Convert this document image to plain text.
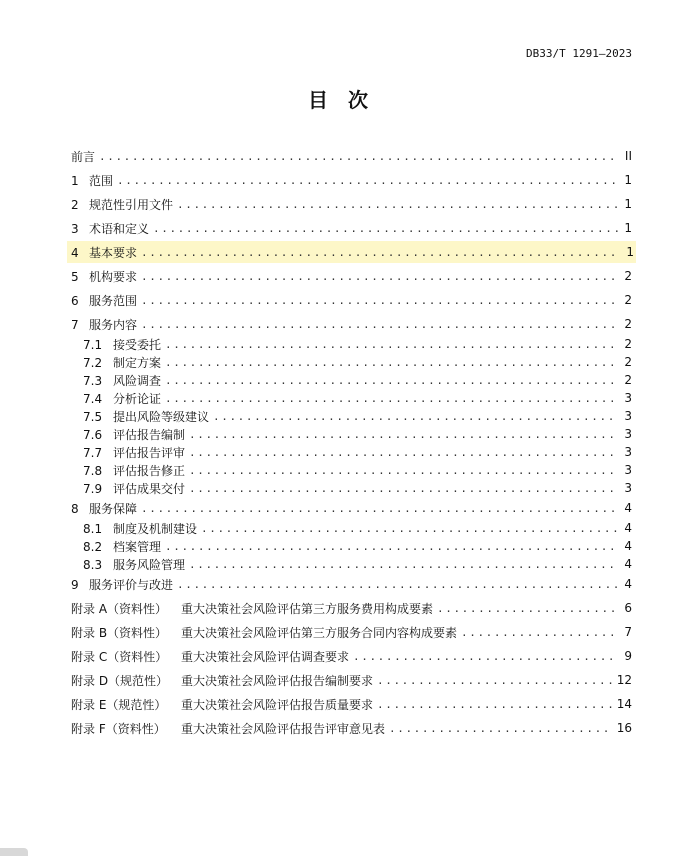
DB33/T 1291—2023
目　次
前言 .....	II
1 范围 .....	1
2 规范性引用文件 .....	1
3 术语和定义 .....	1
4 基本要求 .....	1
5 机构要求 .....	2
6 服务范围 .....	2
7 服务内容 .....	2
7.1 接受委托 .....	2
7.2 制定方案 .....	2
7.3 风险调查 .....	2
7.4 分析论证 .....	3
7.5 提出风险等级建议 .....	3
7.6 评估报告编制 .....	3
7.7 评估报告评审 .....	3
7.8 评估报告修正 .....	3
7.9 评估成果交付 .....	3
8 服务保障 .....	4
8.1 制度及机制建设 .....	4
8.2 档案管理 .....	4
8.3 服务风险管理 .....	4
9 服务评价与改进 .....	4
附录 A（资料性） 重大决策社会风险评估第三方服务费用构成要素 .....	6
附录 B（资料性） 重大决策社会风险评估第三方服务合同内容构成要素 .....	7
附录 C（资料性） 重大决策社会风险评估调查要求 .....	9
附录 D（规范性） 重大决策社会风险评估报告编制要求 .....	12
附录 E（规范性） 重大决策社会风险评估报告质量要求 .....	14
附录 F（资料性） 重大决策社会风险评估报告评审意见表 .....	16
